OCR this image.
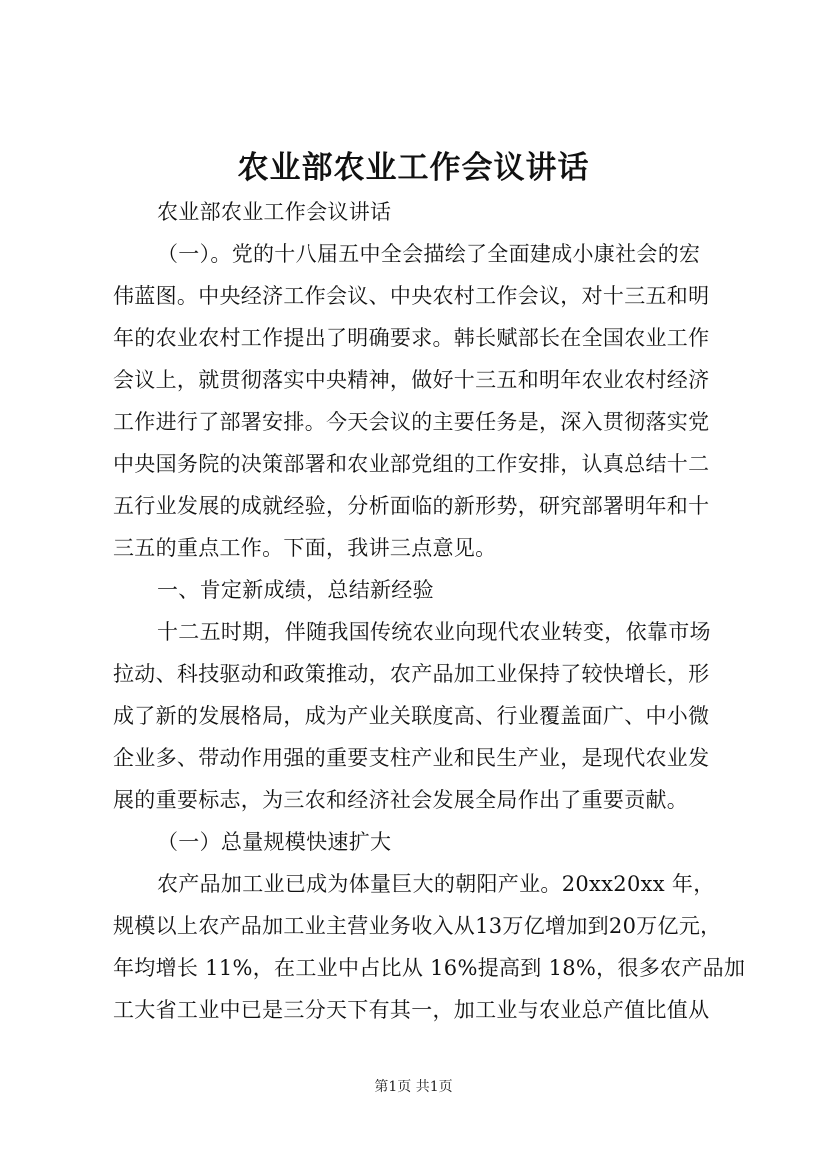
农业部农业工作会议讲话
农业部农业工作会议讲话
（一）。党的十八届五中全会描绘了全面建成小康社会的宏
伟蓝图。中央经济工作会议、中央农村工作会议，对十三五和明
年的农业农村工作提出了明确要求。韩长赋部长在全国农业工作
会议上，就贯彻落实中央精神，做好十三五和明年农业农村经济
工作进行了部署安排。今天会议的主要任务是，深入贯彻落实党
中央国务院的决策部署和农业部党组的工作安排，认真总结十二
五行业发展的成就经验，分析面临的新形势，研究部署明年和十
三五的重点工作。下面，我讲三点意见。
一、肯定新成绩，总结新经验
十二五时期，伴随我国传统农业向现代农业转变，依靠市场
拉动、科技驱动和政策推动，农产品加工业保持了较快增长，形
成了新的发展格局，成为产业关联度高、行业覆盖面广、中小微
企业多、带动作用强的重要支柱产业和民生产业，是现代农业发
展的重要标志，为三农和经济社会发展全局作出了重要贡献。
（一）总量规模快速扩大
农产品加工业已成为体量巨大的朝阳产业。20xx20xx 年，
规模以上农产品加工业主营业务收入从13万亿增加到20万亿元，
年均增长 11%，在工业中占比从 16%提高到 18%，很多农产品加
工大省工业中已是三分天下有其一，加工业与农业总产值比值从
第1页 共1页
